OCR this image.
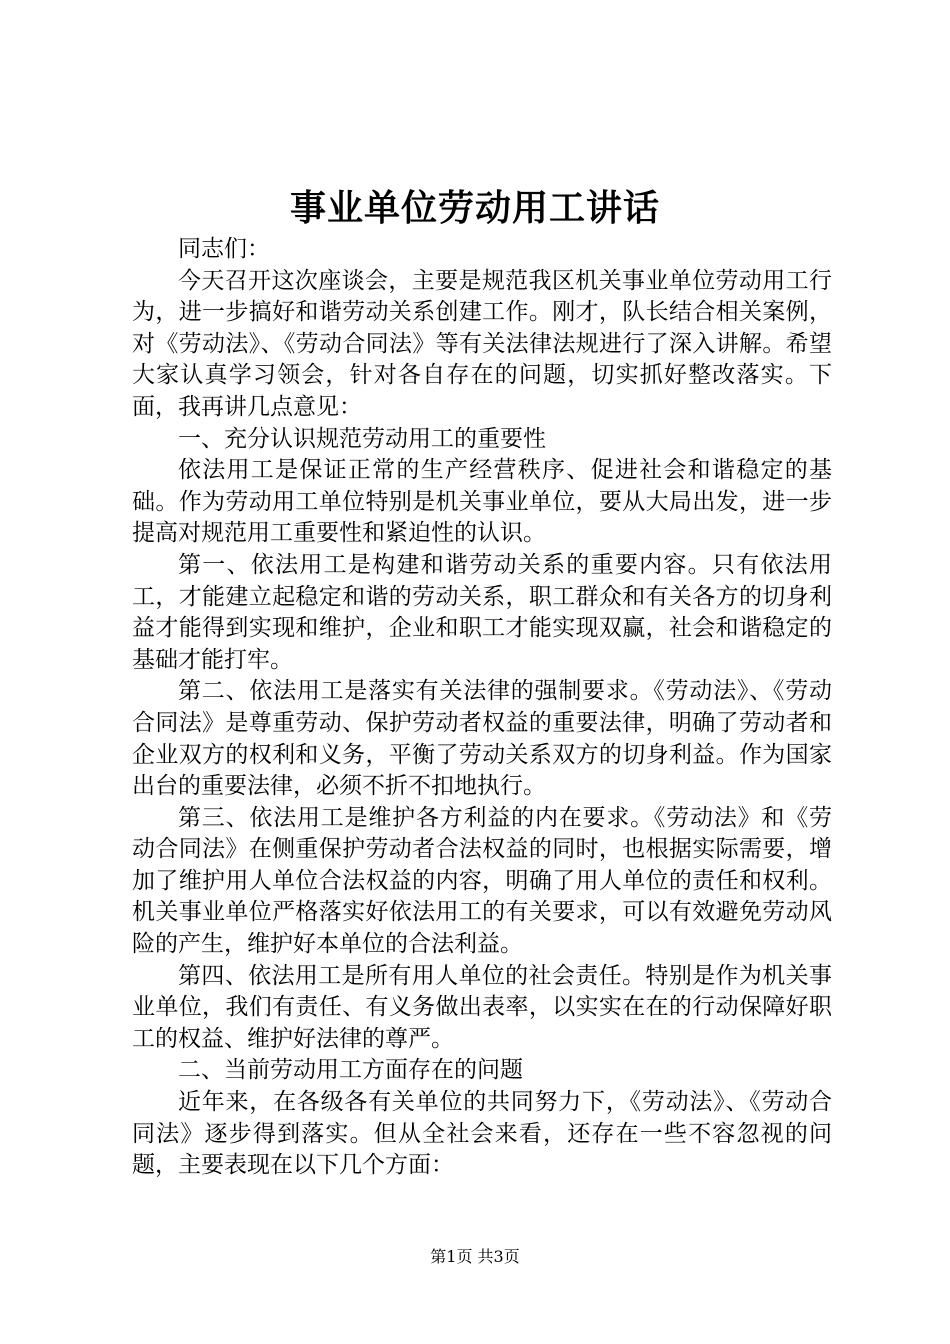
事业单位劳动用工讲话

同志们：

今天召开这次座谈会，主要是规范我区机关事业单位劳动用工行为，进一步搞好和谐劳动关系创建工作。刚才，队长结合相关案例，对《劳动法》、《劳动合同法》等有关法律法规进行了深入讲解。希望大家认真学习领会，针对各自存在的问题，切实抓好整改落实。下面，我再讲几点意见：

一、充分认识规范劳动用工的重要性

依法用工是保证正常的生产经营秩序、促进社会和谐稳定的基础。作为劳动用工单位特别是机关事业单位，要从大局出发，进一步提高对规范用工重要性和紧迫性的认识。

第一、依法用工是构建和谐劳动关系的重要内容。只有依法用工，才能建立起稳定和谐的劳动关系，职工群众和有关各方的切身利益才能得到实现和维护，企业和职工才能实现双赢，社会和谐稳定的基础才能打牢。

第二、依法用工是落实有关法律的强制要求。《劳动法》、《劳动合同法》是尊重劳动、保护劳动者权益的重要法律，明确了劳动者和企业双方的权利和义务，平衡了劳动关系双方的切身利益。作为国家出台的重要法律，必须不折不扣地执行。

第三、依法用工是维护各方利益的内在要求。《劳动法》和《劳动合同法》在侧重保护劳动者合法权益的同时，也根据实际需要，增加了维护用人单位合法权益的内容，明确了用人单位的责任和权利。机关事业单位严格落实好依法用工的有关要求，可以有效避免劳动风险的产生，维护好本单位的合法利益。

第四、依法用工是所有用人单位的社会责任。特别是作为机关事业单位，我们有责任、有义务做出表率，以实实在在的行动保障好职工的权益、维护好法律的尊严。

二、当前劳动用工方面存在的问题

近年来，在各级各有关单位的共同努力下，《劳动法》、《劳动合同法》逐步得到落实。但从全社会来看，还存在一些不容忽视的问题，主要表现在以下几个方面：

第1页 共3页
